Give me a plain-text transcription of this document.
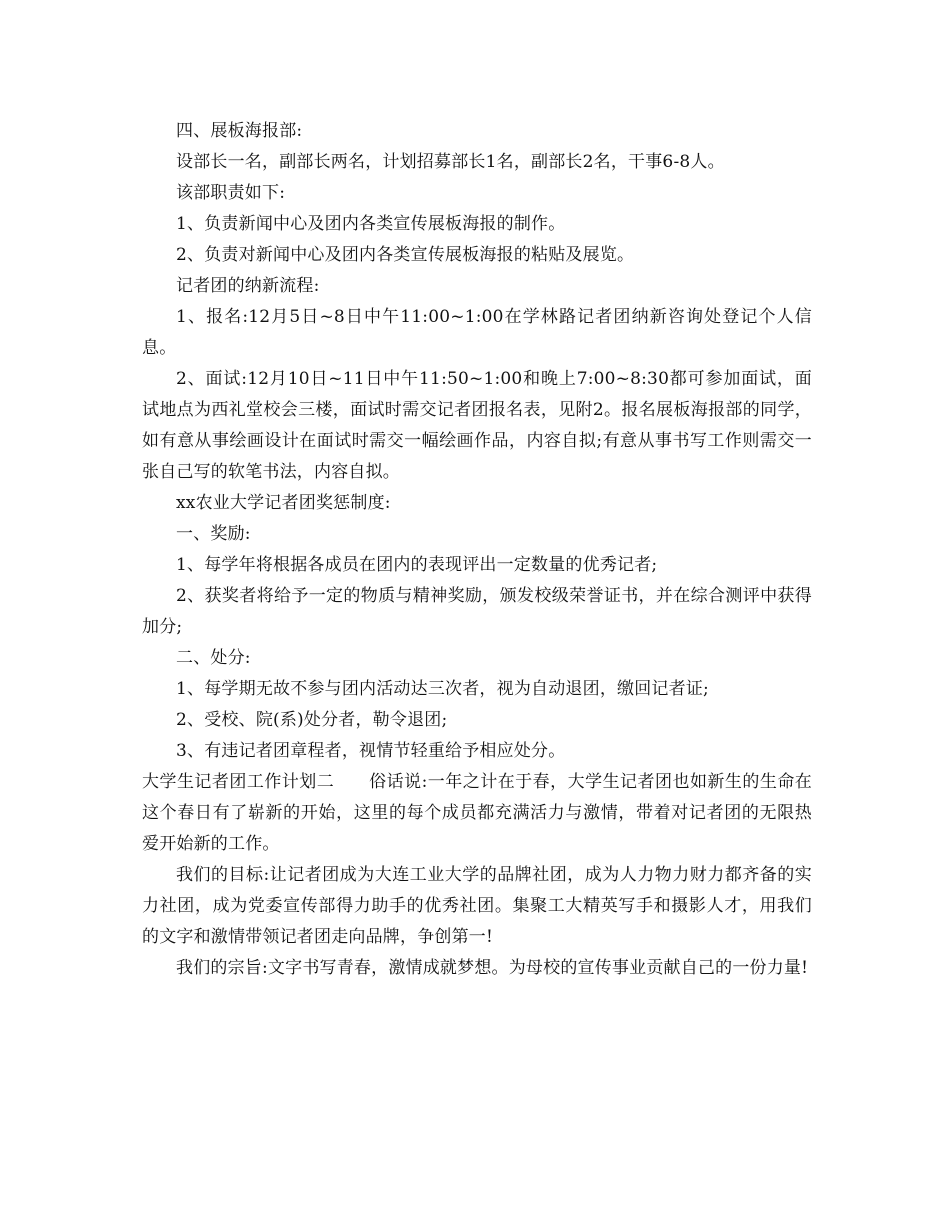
四、展板海报部:

设部长一名，副部长两名，计划招募部长1名，副部长2名，干事6-8人。

该部职责如下:

1、负责新闻中心及团内各类宣传展板海报的制作。

2、负责对新闻中心及团内各类宣传展板海报的粘贴及展览。

记者团的纳新流程:

1、报名:12月5日~8日中午11:00~1:00在学林路记者团纳新咨询处登记个人信息。

2、面试:12月10日~11日中午11:50~1:00和晚上7:00~8:30都可参加面试，面试地点为西礼堂校会三楼，面试时需交记者团报名表，见附2。报名展板海报部的同学，如有意从事绘画设计在面试时需交一幅绘画作品，内容自拟;有意从事书写工作则需交一张自己写的软笔书法，内容自拟。

xx农业大学记者团奖惩制度:

一、奖励:

1、每学年将根据各成员在团内的表现评出一定数量的优秀记者;

2、获奖者将给予一定的物质与精神奖励，颁发校级荣誉证书，并在综合测评中获得加分;

二、处分:

1、每学期无故不参与团内活动达三次者，视为自动退团，缴回记者证;

2、受校、院(系)处分者，勒令退团;

3、有违记者团章程者，视情节轻重给予相应处分。

大学生记者团工作计划二　　俗话说:一年之计在于春，大学生记者团也如新生的生命在这个春日有了崭新的开始，这里的每个成员都充满活力与激情，带着对记者团的无限热爱开始新的工作。

我们的目标:让记者团成为大连工业大学的品牌社团，成为人力物力财力都齐备的实力社团，成为党委宣传部得力助手的优秀社团。集聚工大精英写手和摄影人才，用我们的文字和激情带领记者团走向品牌，争创第一!

我们的宗旨:文字书写青春，激情成就梦想。为母校的宣传事业贡献自己的一份力量!
